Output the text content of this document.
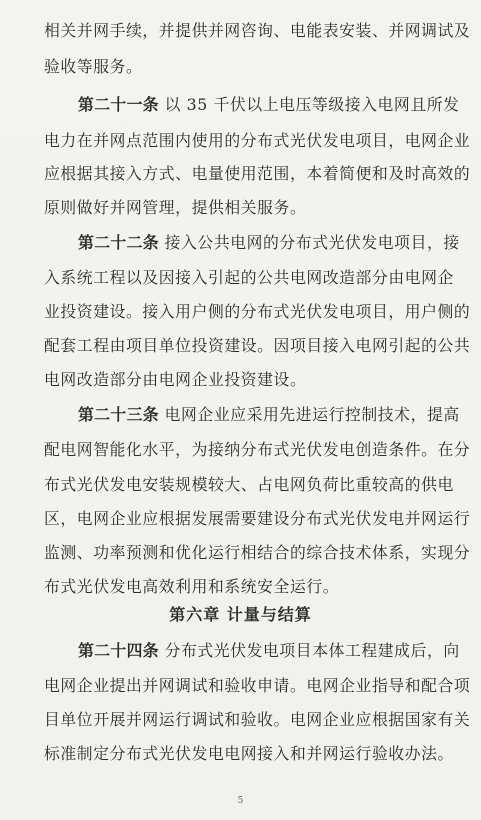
相关并网手续，并提供并网咨询、电能表安装、并网调试及
验收等服务。
第二十一条 以 35 千伏以上电压等级接入电网且所发
电力在并网点范围内使用的分布式光伏发电项目，电网企业
应根据其接入方式、电量使用范围，本着简便和及时高效的
原则做好并网管理，提供相关服务。
第二十二条 接入公共电网的分布式光伏发电项目，接
入系统工程以及因接入引起的公共电网改造部分由电网企
业投资建设。接入用户侧的分布式光伏发电项目，用户侧的
配套工程由项目单位投资建设。因项目接入电网引起的公共
电网改造部分由电网企业投资建设。
第二十三条 电网企业应采用先进运行控制技术，提高
配电网智能化水平，为接纳分布式光伏发电创造条件。在分
布式光伏发电安装规模较大、占电网负荷比重较高的供电
区，电网企业应根据发展需要建设分布式光伏发电并网运行
监测、功率预测和优化运行相结合的综合技术体系，实现分
布式光伏发电高效利用和系统安全运行。
第六章 计量与结算
第二十四条 分布式光伏发电项目本体工程建成后，向
电网企业提出并网调试和验收申请。电网企业指导和配合项
目单位开展并网运行调试和验收。电网企业应根据国家有关
标准制定分布式光伏发电电网接入和并网运行验收办法。
5
